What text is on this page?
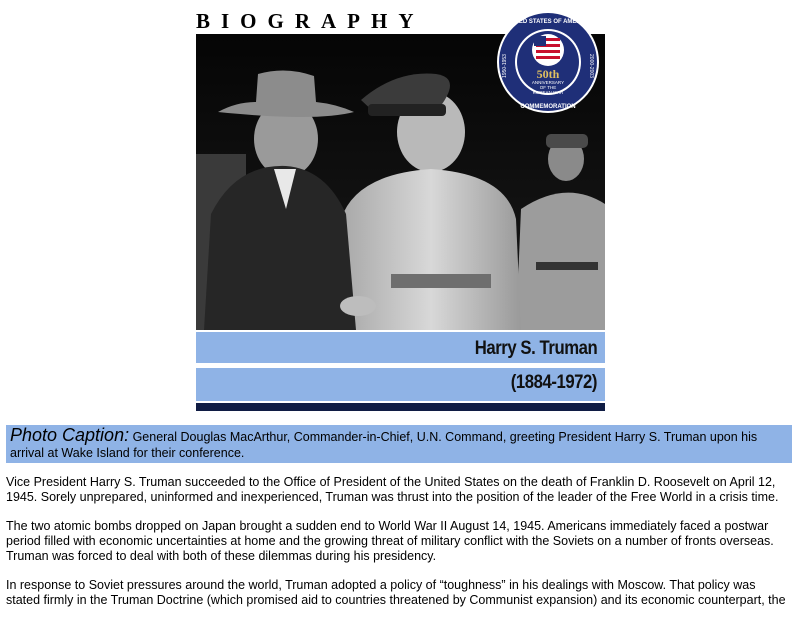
BIOGRAPHY
50th
ANNIVERSARY
OF THE
KOREAN WAR
UNITED STATES OF AMERICA
COMMEMORATION
1950-1953	2000-2003
Harry S. Truman
(1884-1972)
Photo Caption: General Douglas MacArthur, Commander-in-Chief, U.N. Command, greeting President Harry S. Truman upon his arrival at Wake Island for their conference.

Vice President Harry S. Truman succeeded to the Office of President of the United States on the death of Franklin D. Roosevelt on April 12, 1945. Sorely unprepared, uninformed and inexperienced, Truman was thrust into the position of the leader of the Free World in a crisis time.

The two atomic bombs dropped on Japan brought a sudden end to World War II August 14, 1945. Americans immediately faced a postwar period filled with economic uncertainties at home and the growing threat of military conflict with the Soviets on a number of fronts overseas. Truman was forced to deal with both of these dilemmas during his presidency.

In response to Soviet pressures around the world, Truman adopted a policy of “toughness” in his dealings with Moscow. That policy was stated firmly in the Truman Doctrine (which promised aid to countries threatened by Communist expansion) and its economic counterpart, the
